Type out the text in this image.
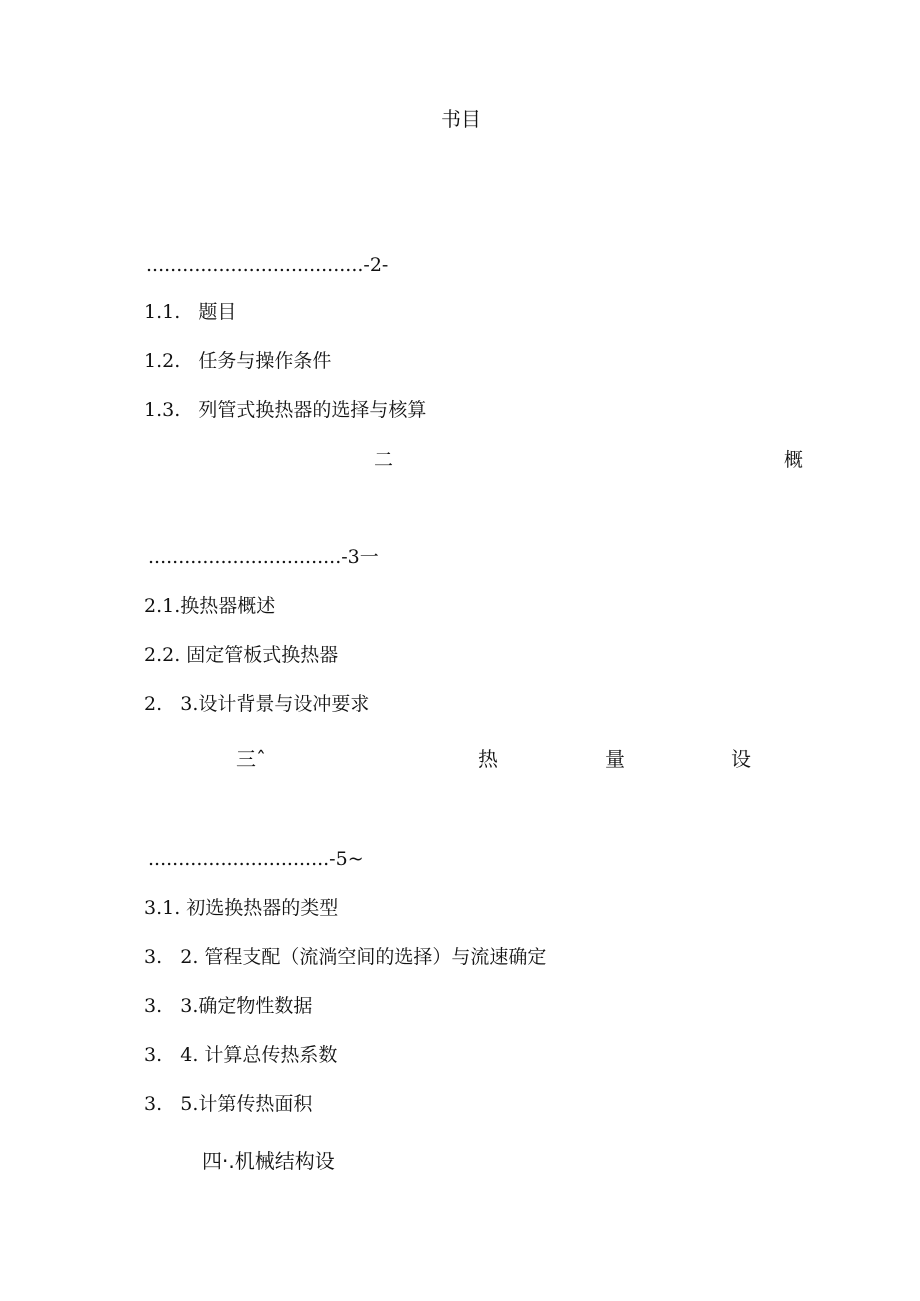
书目
....................................-2-
1.1.   题目
1.2.   任务与操作条件
1.3.   列管式换热器的选择与核算
二	概
................................-3一
2.1.换热器概述
2.2. 固定管板式换热器
2.   3.设计背景与设冲要求
三ˆ	热	量	设
..............................-5~
3.1. 初选换热器的类型
3.   2. 管程支配（流淌空间的选择）与流速确定
3.   3.确定物性数据
3.   4. 计算总传热系数
3.   5.计第传热面积
四·.机械结构设
